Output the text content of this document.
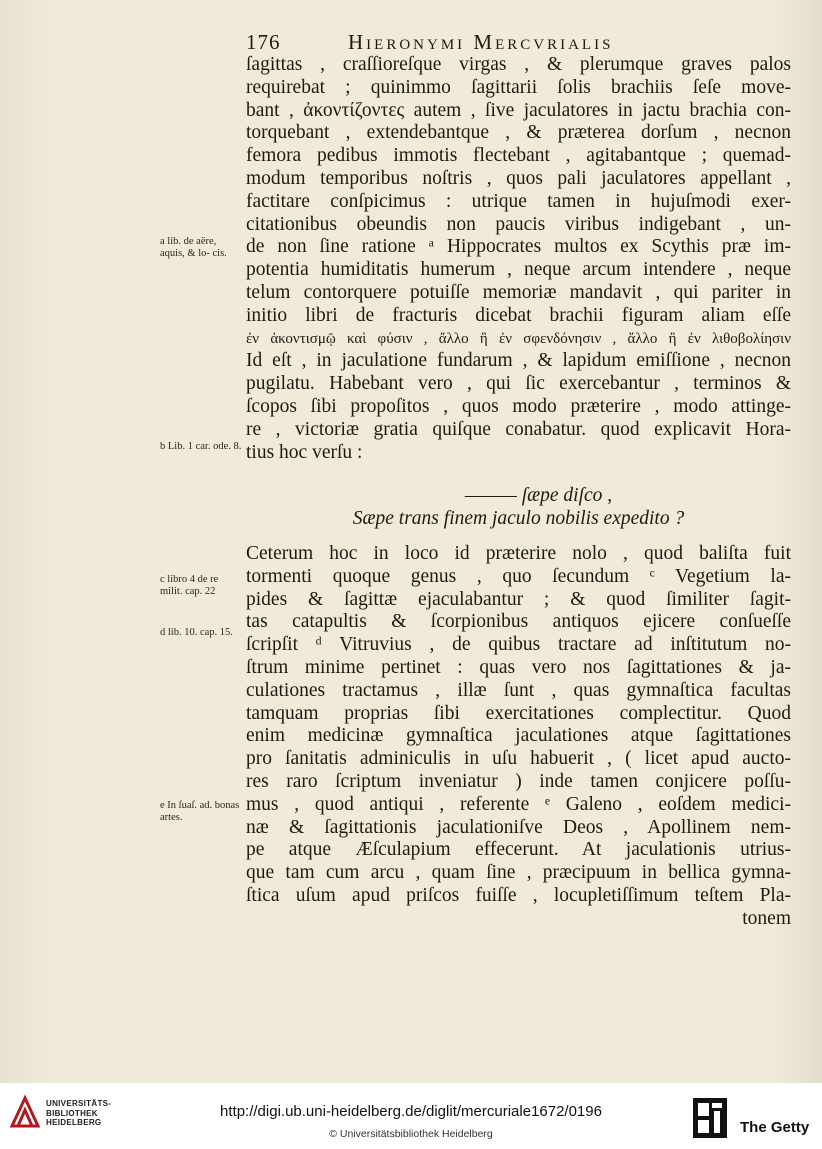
176	Hieronymi Mercvrialis
ſagittas , craſſioreſque virgas , & plerumque graves palos
requirebat ; quinimmo ſagittarii ſolis brachiis ſeſe move-
bant , ἀκοντίζοντες autem , ſive jaculatores in jactu brachia con-
torquebant , extendebantque , & præterea dorſum , necnon
femora pedibus immotis flectebant , agitabantque ; quemad-
modum temporibus noſtris , quos pali jaculatores appellant ,
factitare conſpicimus : utrique tamen in hujuſmodi exer-
citationibus obeundis non paucis viribus indigebant , un-
de non ſine ratione ᵃ Hippocrates multos ex Scythis præ im-
potentia humiditatis humerum , neque arcum intendere , neque
telum contorquere potuiſſe memoriæ mandavit , qui pariter in
initio libri de fracturis dicebat brachii figuram aliam eſſe
ἐν ἀκοντισμῷ καὶ φύσιν , ἄλλο ἢ ἐν σφενδόνησιν , ἄλλο ἢ ἐν λιθοβολίησιν
Id eſt , in jaculatione fundarum , & lapidum emiſſione , necnon
pugilatu. Habebant vero , qui ſic exercebantur , terminos &
ſcopos ſibi propoſitos , quos modo præterire , modo attinge-
re , victoriæ gratia quiſque conabatur. quod explicavit Hora-
tius hoc verſu :
——— ſæpe diſco ,
Sæpe trans finem jaculo nobilis expedito ?
Ceterum hoc in loco id præterire nolo , quod baliſta fuit
tormenti quoque genus , quo ſecundum ᶜ Vegetium la-
pides & ſagittæ ejaculabantur ; & quod ſimiliter ſagit-
tas catapultis & ſcorpionibus antiquos ejicere conſueſſe
ſcripſit ᵈ Vitruvius , de quibus tractare ad inſtitutum no-
ſtrum minime pertinet : quas vero nos ſagittationes & ja-
culationes tractamus , illæ ſunt , quas gymnaſtica facultas
tamquam proprias ſibi exercitationes complectitur. Quod
enim medicinæ gymnaſtica jaculationes atque ſagittationes
pro ſanitatis adminiculis in uſu habuerit , ( licet apud aucto-
res raro ſcriptum inveniatur ) inde tamen conjicere poſſu-
mus , quod antiqui , referente ᵉ Galeno , eoſdem medici-
næ & ſagittationis jaculationiſve Deos , Apollinem nem-
pe atque Æſculapium effecerunt. At jaculationis utrius-
que tam cum arcu , quam ſine , præcipuum in bellica gymna-
ſtica uſum apud priſcos fuiſſe , locupletiſſimum teſtem Pla-
tonem
a lib. de aëre, aquis, & lo- cis.
b Lib. 1 car. ode. 8.
c libro 4 de re milit. cap. 22
d lib. 10. cap. 15.
e In ſuaſ. ad. bonas artes.
UNIVERSITÄTS-
BIBLIOTHEK
HEIDELBERG
http://digi.ub.uni-heidelberg.de/diglit/mercuriale1672/0196
© Universitätsbibliothek Heidelberg	The Getty
